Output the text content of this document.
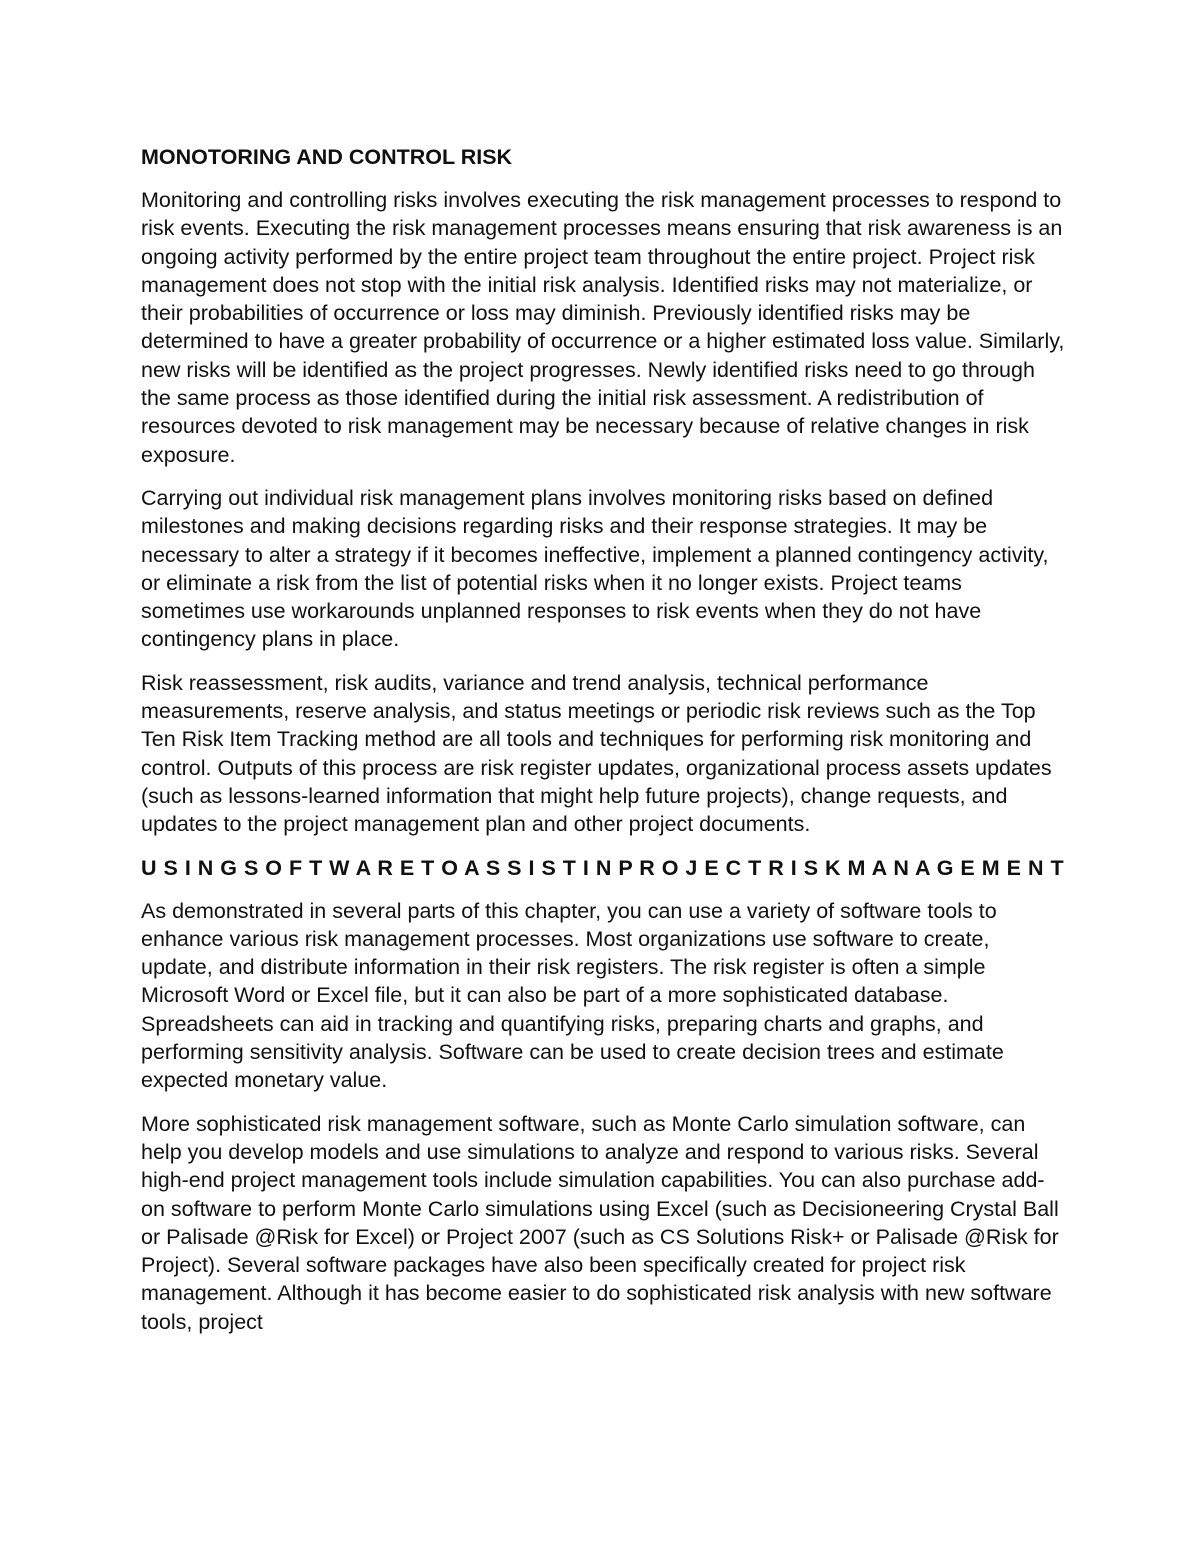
MONOTORING AND CONTROL RISK
Monitoring and controlling risks involves executing the risk management processes to respond to risk events. Executing the risk management processes means ensuring that risk awareness is an ongoing activity performed by the entire project team throughout the entire project. Project risk management does not stop with the initial risk analysis. Identified risks may not materialize, or their probabilities of occurrence or loss may diminish. Previously identified risks may be determined to have a greater probability of occurrence or a higher estimated loss value. Similarly, new risks will be identified as the project progresses. Newly identified risks need to go through the same process as those identified during the initial risk assessment. A redistribution of resources devoted to risk management may be necessary because of relative changes in risk exposure.
Carrying out individual risk management plans involves monitoring risks based on defined milestones and making decisions regarding risks and their response strategies. It may be necessary to alter a strategy if it becomes ineffective, implement a planned contingency activity, or eliminate a risk from the list of potential risks when it no longer exists. Project teams sometimes use workarounds unplanned responses to risk events when they do not have contingency plans in place.
Risk reassessment, risk audits, variance and trend analysis, technical performance measurements, reserve analysis, and status meetings or periodic risk reviews such as the Top Ten Risk Item Tracking method are all tools and techniques for performing risk monitoring and control. Outputs of this process are risk register updates, organizational process assets updates (such as lessons-learned information that might help future projects), change requests, and updates to the project management plan and other project documents.
U S I N G S O F T W A R E T O A S S I S T I N P R O J E C T R I S K M A N A G E M E N T
As demonstrated in several parts of this chapter, you can use a variety of software tools to enhance various risk management processes. Most organizations use software to create, update, and distribute information in their risk registers. The risk register is often a simple Microsoft Word or Excel file, but it can also be part of a more sophisticated database. Spreadsheets can aid in tracking and quantifying risks, preparing charts and graphs, and performing sensitivity analysis. Software can be used to create decision trees and estimate expected monetary value.
More sophisticated risk management software, such as Monte Carlo simulation software, can help you develop models and use simulations to analyze and respond to various risks. Several high-end project management tools include simulation capabilities. You can also purchase add-on software to perform Monte Carlo simulations using Excel (such as Decisioneering Crystal Ball or Palisade @Risk for Excel) or Project 2007 (such as CS Solutions Risk+ or Palisade @Risk for Project). Several software packages have also been specifically created for project risk management. Although it has become easier to do sophisticated risk analysis with new software tools, project
